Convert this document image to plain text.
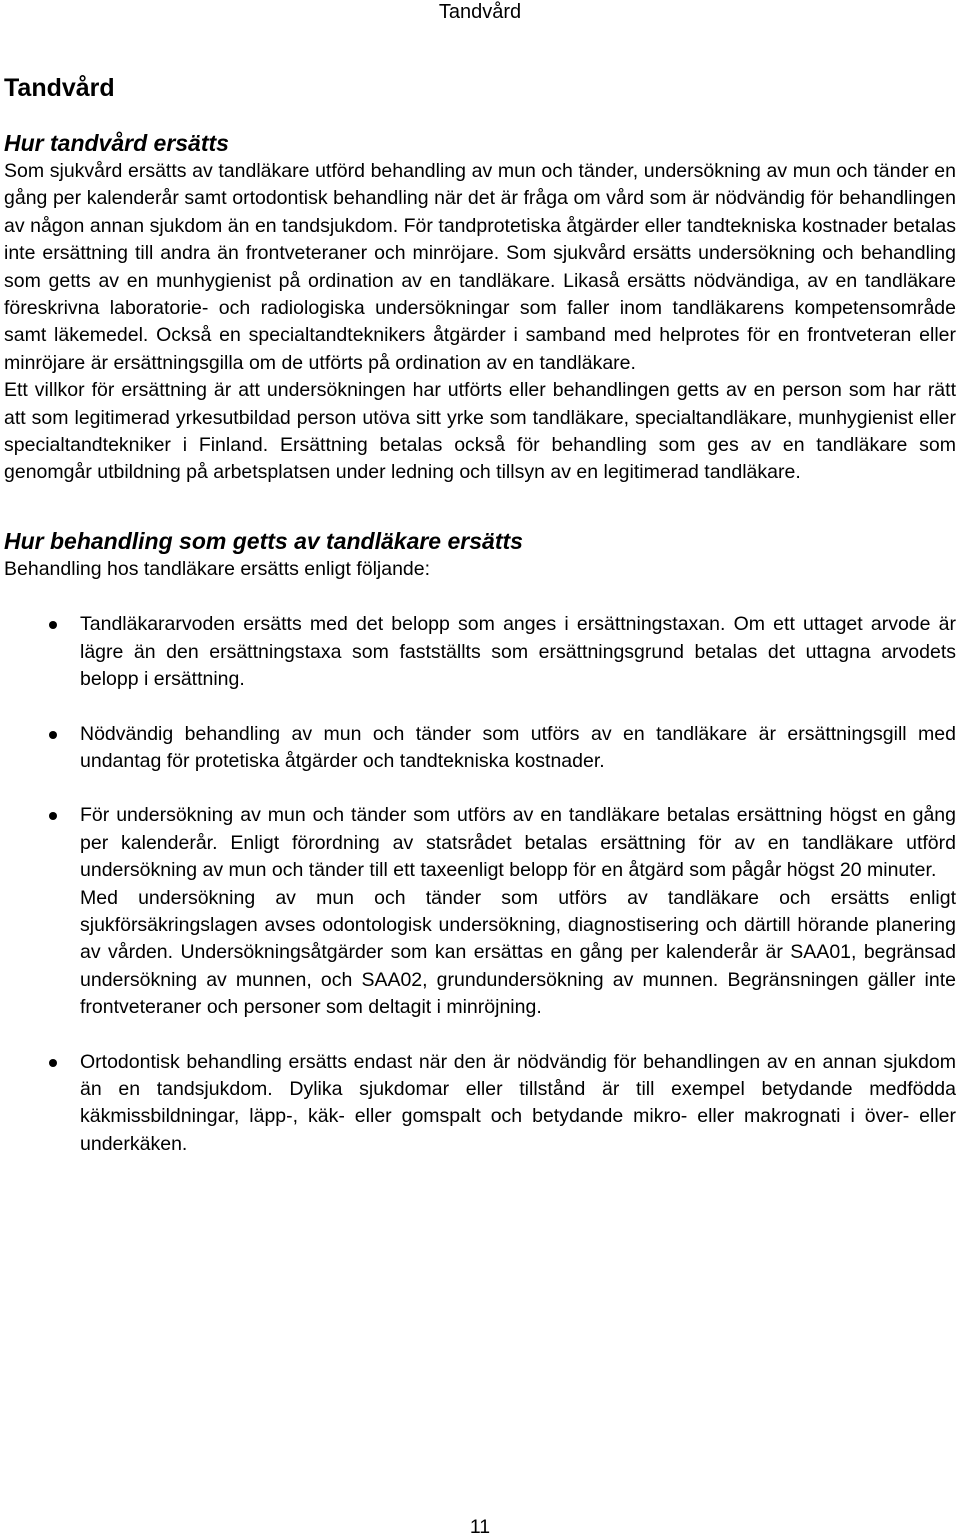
Tandvård
Tandvård
Hur tandvård ersätts

Som sjukvård ersätts av tandläkare utförd behandling av mun och tänder, undersökning av mun och tänder en gång per kalenderår samt ortodontisk behandling när det är fråga om vård som är nödvändig för behandlingen av någon annan sjukdom än en tandsjukdom. För tandprotetiska åtgärder eller tandtekniska kostnader betalas inte ersättning till andra än frontveteraner och minröjare. Som sjukvård ersätts undersökning och behandling som getts av en munhygienist på ordination av en tandläkare. Likaså ersätts nödvändiga, av en tandläkare föreskrivna laboratorie- och radiologiska undersökningar som faller inom tandläkarens kompetensområde samt läkemedel. Också en specialtandteknikers åtgärder i samband med helprotes för en frontveteran eller minröjare är ersättningsgilla om de utförts på ordination av en tandläkare.

Ett villkor för ersättning är att undersökningen har utförts eller behandlingen getts av en person som har rätt att som legitimerad yrkesutbildad person utöva sitt yrke som tandläkare, specialtandläkare, munhygienist eller specialtandtekniker i Finland. Ersättning betalas också för behandling som ges av en tandläkare som genomgår utbildning på arbetsplatsen under ledning och tillsyn av en legitimerad tandläkare.

Hur behandling som getts av tandläkare ersätts

Behandling hos tandläkare ersätts enligt följande:

Tandläkararvoden ersätts med det belopp som anges i ersättningstaxan. Om ett uttaget arvode är lägre än den ersättningstaxa som fastställts som ersättningsgrund betalas det uttagna arvodets belopp i ersättning.

Nödvändig behandling av mun och tänder som utförs av en tandläkare är ersättningsgill med undantag för protetiska åtgärder och tandtekniska kostnader.

För undersökning av mun och tänder som utförs av en tandläkare betalas ersättning högst en gång per kalenderår. Enligt förordning av statsrådet betalas ersättning för av en tandläkare utförd undersökning av mun och tänder till ett taxeenligt belopp för en åtgärd som pågår högst 20 minuter.

Med undersökning av mun och tänder som utförs av tandläkare och ersätts enligt sjukförsäkringslagen avses odontologisk undersökning, diagnostisering och därtill hörande planering av vården. Undersökningsåtgärder som kan ersättas en gång per kalenderår är SAA01, begränsad undersökning av munnen, och SAA02, grundundersökning av munnen. Begränsningen gäller inte frontveteraner och personer som deltagit i minröjning.

Ortodontisk behandling ersätts endast när den är nödvändig för behandlingen av en annan sjukdom än en tandsjukdom. Dylika sjukdomar eller tillstånd är till exempel betydande medfödda käkmissbildningar, läpp-, käk- eller gomspalt och betydande mikro- eller makrognati i över- eller underkäken.

11
